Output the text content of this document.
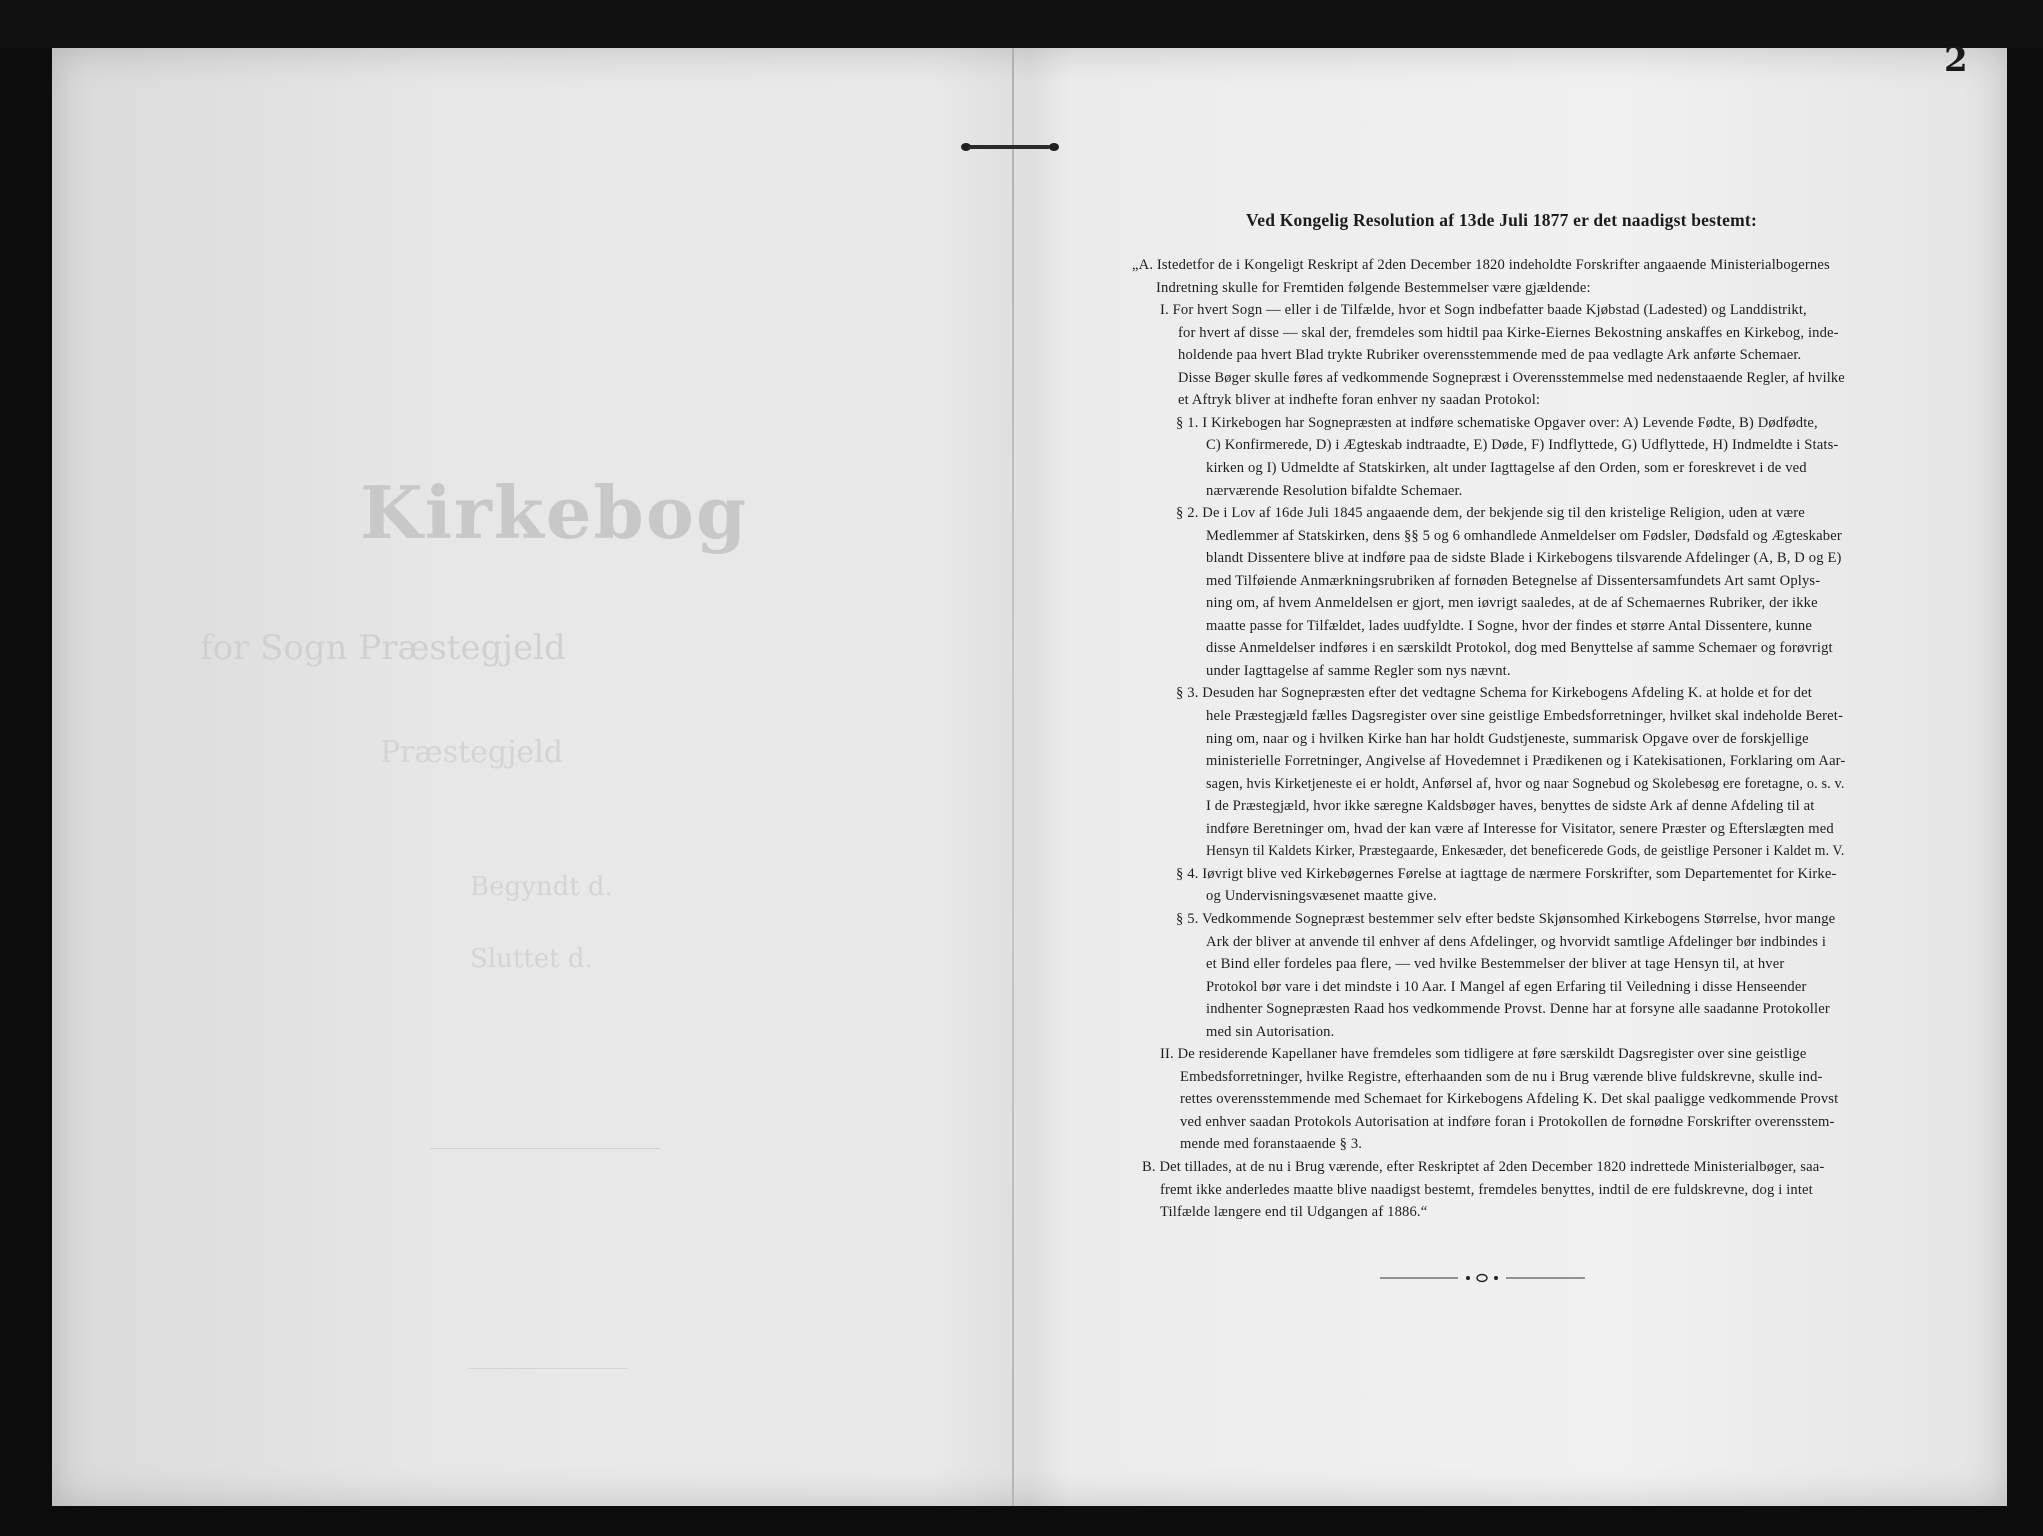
2
Kirkebog
for Sogn Præstegjeld
Præstegjeld
Begyndt d.
Sluttet d.
Ved Kongelig Resolution af 13de Juli 1877 er det naadigst bestemt:
„A. Istedetfor de i Kongeligt Reskript af 2den December 1820 indeholdte Forskrifter angaaende Ministerialbogernes
Indretning skulle for Fremtiden følgende Bestemmelser være gjældende:
I. For hvert Sogn — eller i de Tilfælde, hvor et Sogn indbefatter baade Kjøbstad (Ladested) og Landdistrikt,
for hvert af disse — skal der, fremdeles som hidtil paa Kirke-Eiernes Bekostning anskaffes en Kirkebog, inde-
holdende paa hvert Blad trykte Rubriker overensstemmende med de paa vedlagte Ark anførte Schemaer.
Disse Bøger skulle føres af vedkommende Sognepræst i Overensstemmelse med nedenstaaende Regler, af hvilke
et Aftryk bliver at indhefte foran enhver ny saadan Protokol:
§ 1. I Kirkebogen har Sognepræsten at indføre schematiske Opgaver over: A) Levende Fødte, B) Dødfødte,
C) Konfirmerede, D) i Ægteskab indtraadte, E) Døde, F) Indflyttede, G) Udflyttede, H) Indmeldte i Stats-
kirken og I) Udmeldte af Statskirken, alt under Iagttagelse af den Orden, som er foreskrevet i de ved
nærværende Resolution bifaldte Schemaer.
§ 2. De i Lov af 16de Juli 1845 angaaende dem, der bekjende sig til den kristelige Religion, uden at være
Medlemmer af Statskirken, dens §§ 5 og 6 omhandlede Anmeldelser om Fødsler, Dødsfald og Ægteskaber
blandt Dissentere blive at indføre paa de sidste Blade i Kirkebogens tilsvarende Afdelinger (A, B, D og E)
med Tilføiende Anmærkningsrubriken af fornøden Betegnelse af Dissentersamfundets Art samt Oplys-
ning om, af hvem Anmeldelsen er gjort, men iøvrigt saaledes, at de af Schemaernes Rubriker, der ikke
maatte passe for Tilfældet, lades uudfyldte. I Sogne, hvor der findes et større Antal Dissentere, kunne
disse Anmeldelser indføres i en særskildt Protokol, dog med Benyttelse af samme Schemaer og forøvrigt
under Iagttagelse af samme Regler som nys nævnt.
§ 3. Desuden har Sognepræsten efter det vedtagne Schema for Kirkebogens Afdeling K. at holde et for det
hele Præstegjæld fælles Dagsregister over sine geistlige Embedsforretninger, hvilket skal indeholde Beret-
ning om, naar og i hvilken Kirke han har holdt Gudstjeneste, summarisk Opgave over de forskjellige
ministerielle Forretninger, Angivelse af Hovedemnet i Prædikenen og i Katekisationen, Forklaring om Aar-
sagen, hvis Kirketjeneste ei er holdt, Anførsel af, hvor og naar Sognebud og Skolebesøg ere foretagne, o. s. v.
I de Præstegjæld, hvor ikke særegne Kaldsbøger haves, benyttes de sidste Ark af denne Afdeling til at
indføre Beretninger om, hvad der kan være af Interesse for Visitator, senere Præster og Efterslægten med
Hensyn til Kaldets Kirker, Præstegaarde, Enkesæder, det beneficerede Gods, de geistlige Personer i Kaldet m. V.
§ 4. Iøvrigt blive ved Kirkebøgernes Førelse at iagttage de nærmere Forskrifter, som Departementet for Kirke-
og Undervisningsvæsenet maatte give.
§ 5. Vedkommende Sognepræst bestemmer selv efter bedste Skjønsomhed Kirkebogens Størrelse, hvor mange
Ark der bliver at anvende til enhver af dens Afdelinger, og hvorvidt samtlige Afdelinger bør indbindes i
et Bind eller fordeles paa flere, — ved hvilke Bestemmelser der bliver at tage Hensyn til, at hver
Protokol bør vare i det mindste i 10 Aar. I Mangel af egen Erfaring til Veiledning i disse Henseender
indhenter Sognepræsten Raad hos vedkommende Provst. Denne har at forsyne alle saadanne Protokoller
med sin Autorisation.
II. De residerende Kapellaner have fremdeles som tidligere at føre særskildt Dagsregister over sine geistlige
Embedsforretninger, hvilke Registre, efterhaanden som de nu i Brug værende blive fuldskrevne, skulle ind-
rettes overensstemmende med Schemaet for Kirkebogens Afdeling K. Det skal paaligge vedkommende Provst
ved enhver saadan Protokols Autorisation at indføre foran i Protokollen de fornødne Forskrifter overensstem-
mende med foranstaaende § 3.
B. Det tillades, at de nu i Brug værende, efter Reskriptet af 2den December 1820 indrettede Ministerialbøger, saa-
fremt ikke anderledes maatte blive naadigst bestemt, fremdeles benyttes, indtil de ere fuldskrevne, dog i intet
Tilfælde længere end til Udgangen af 1886.“
